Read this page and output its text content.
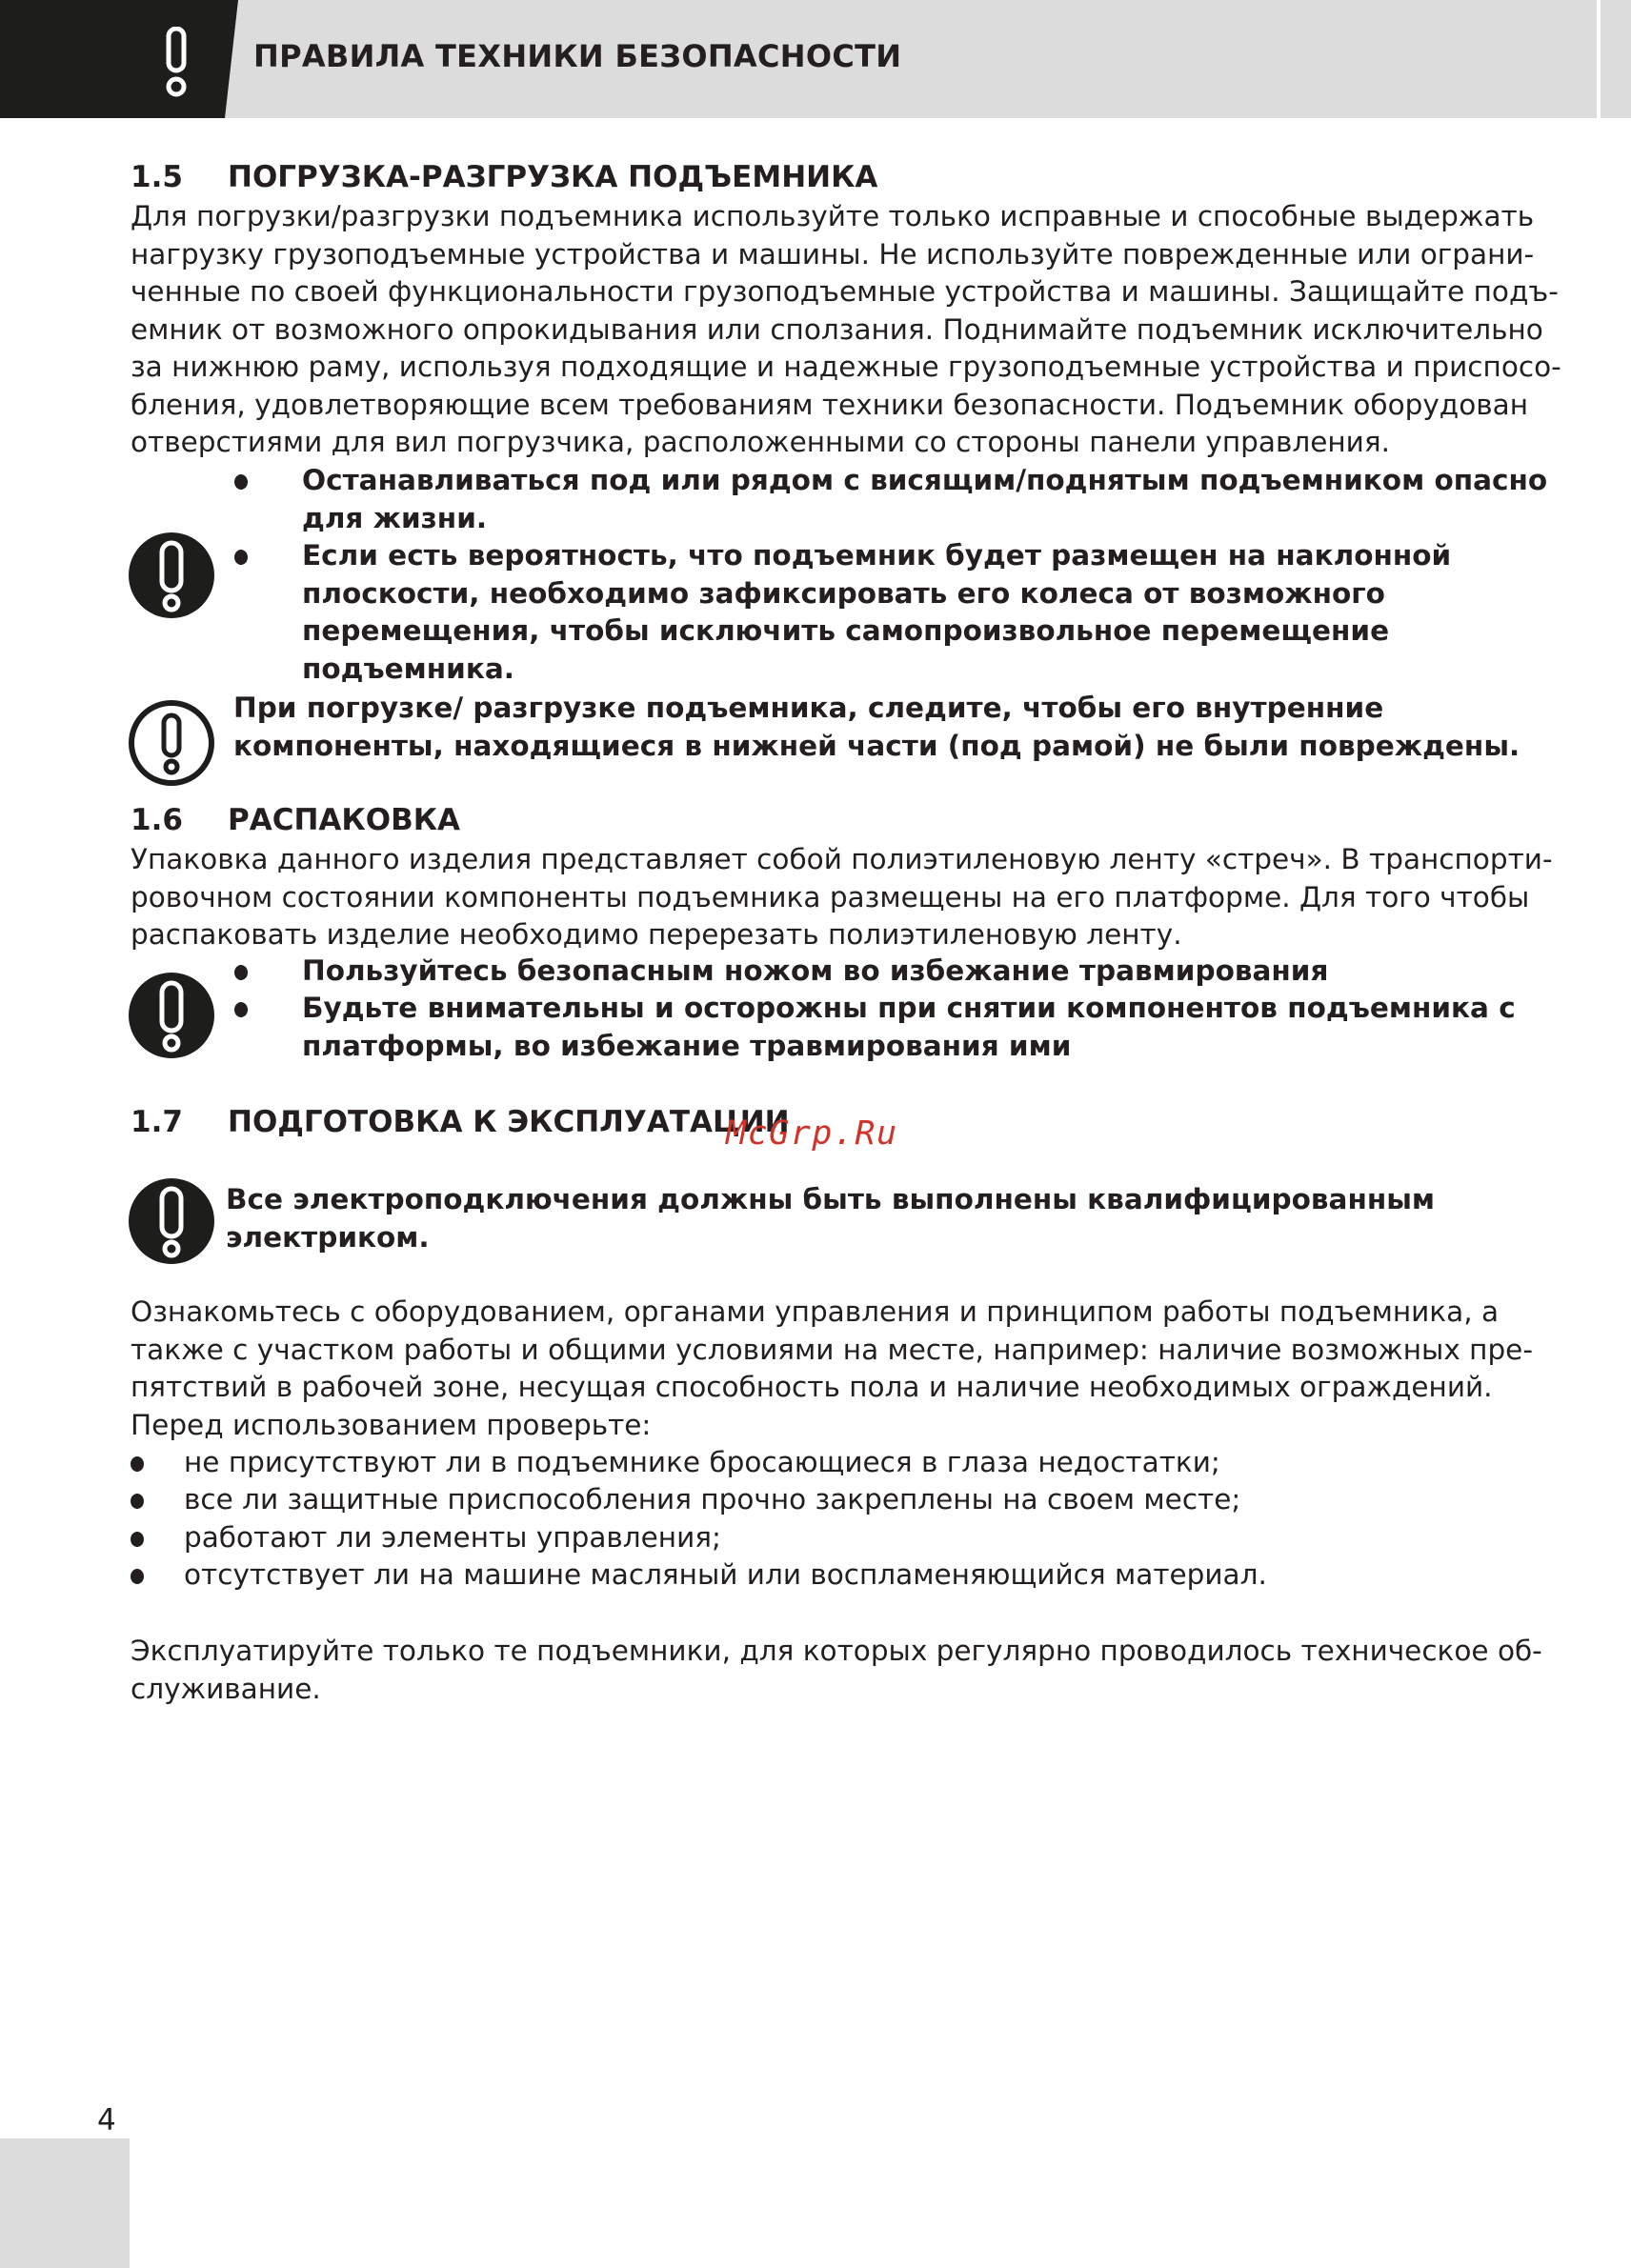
ПРАВИЛА ТЕХНИКИ БЕЗОПАСНОСТИ
1.5 ПОГРУЗКА-РАЗГРУЗКА ПОДЪЕМНИКА
Для погрузки/разгрузки подъемника используйте только исправные и способные выдержать
нагрузку грузоподъемные устройства и машины. Не используйте поврежденные или ограни-
ченные по своей функциональности грузоподъемные устройства и машины. Защищайте подъ-
емник от возможного опрокидывания или сползания. Поднимайте подъемник исключительно
за нижнюю раму, используя подходящие и надежные грузоподъемные устройства и приспосо-
бления, удовлетворяющие всем требованиям техники безопасности. Подъемник оборудован
отверстиями для вил погрузчика, расположенными со стороны панели управления.
Останавливаться под или рядом с висящим/поднятым подъемником опасно
для жизни.
Если есть вероятность, что подъемник будет размещен на наклонной
плоскости, необходимо зафиксировать его колеса от возможного
перемещения, чтобы исключить самопроизвольное перемещение
подъемника.
При погрузке/ разгрузке подъемника, следите, чтобы его внутренние
компоненты, находящиеся в нижней части (под рамой) не были повреждены.
1.6 РАСПАКОВКА
Упаковка данного изделия представляет собой полиэтиленовую ленту «стреч». В транспорти-
ровочном состоянии компоненты подъемника размещены на его платформе. Для того чтобы
распаковать изделие необходимо перерезать полиэтиленовую ленту.
Пользуйтесь безопасным ножом во избежание травмирования
Будьте внимательны и осторожны при снятии компонентов подъемника с
платформы, во избежание травмирования ими
1.7 ПОДГОТОВКА К ЭКСПЛУАТАЦИИ
McGrp.Ru
Все электроподключения должны быть выполнены квалифицированным
электриком.
Ознакомьтесь с оборудованием, органами управления и принципом работы подъемника, а
также с участком работы и общими условиями на месте, например: наличие возможных пре-
пятствий в рабочей зоне, несущая способность пола и наличие необходимых ограждений.
Перед использованием проверьте:
не присутствуют ли в подъемнике бросающиеся в глаза недостатки;
все ли защитные приспособления прочно закреплены на своем месте;
работают ли элементы управления;
отсутствует ли на машине масляный или воспламеняющийся материал.
Эксплуатируйте только те подъемники, для которых регулярно проводилось техническое об-
служивание.
4
